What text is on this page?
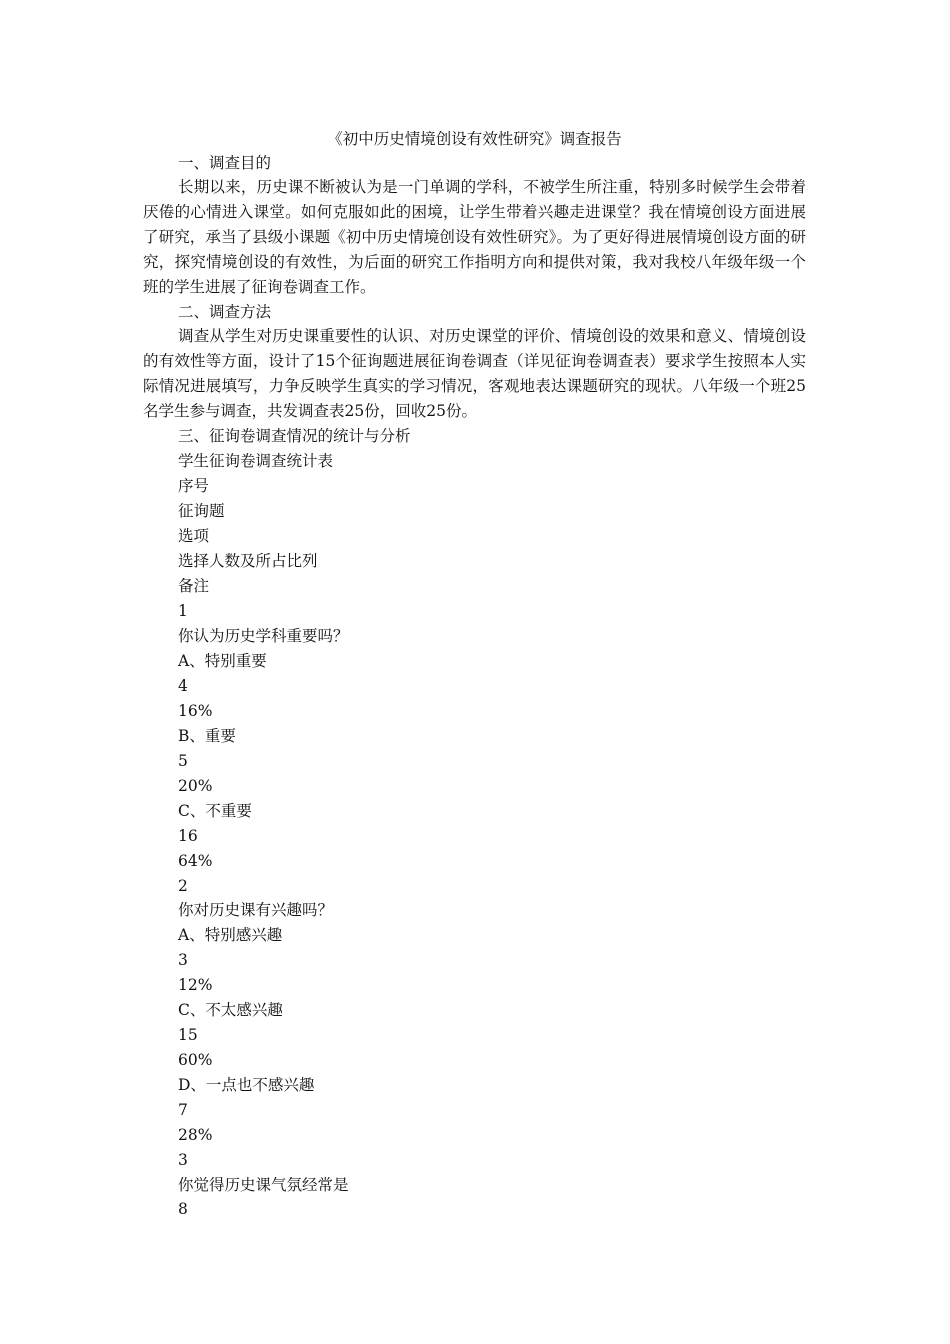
《初中历史情境创设有效性研究》调查报告
一、调查目的
长期以来，历史课不断被认为是一门单调的学科，不被学生所注重，特别多时候学生会带着厌倦的心情进入课堂。如何克服如此的困境，让学生带着兴趣走进课堂？我在情境创设方面进展了研究，承当了县级小课题《初中历史情境创设有效性研究》。为了更好得进展情境创设方面的研究，探究情境创设的有效性，为后面的研究工作指明方向和提供对策，我对我校八年级年级一个班的学生进展了征询卷调查工作。
二、调查方法
调查从学生对历史课重要性的认识、对历史课堂的评价、情境创设的效果和意义、情境创设的有效性等方面，设计了15个征询题进展征询卷调查（详见征询卷调查表）要求学生按照本人实际情况进展填写，力争反映学生真实的学习情况，客观地表达课题研究的现状。八年级一个班25名学生参与调查，共发调查表25份，回收25份。
三、征询卷调查情况的统计与分析
学生征询卷调查统计表
序号
征询题
选项
选择人数及所占比列
备注
1
你认为历史学科重要吗？
A、特别重要
4
16%
B、重要
5
20%
C、不重要
16
64%
2
你对历史课有兴趣吗？
A、特别感兴趣
3
12%
C、不太感兴趣
15
60%
D、一点也不感兴趣
7
28%
3
你觉得历史课气氛经常是
8
